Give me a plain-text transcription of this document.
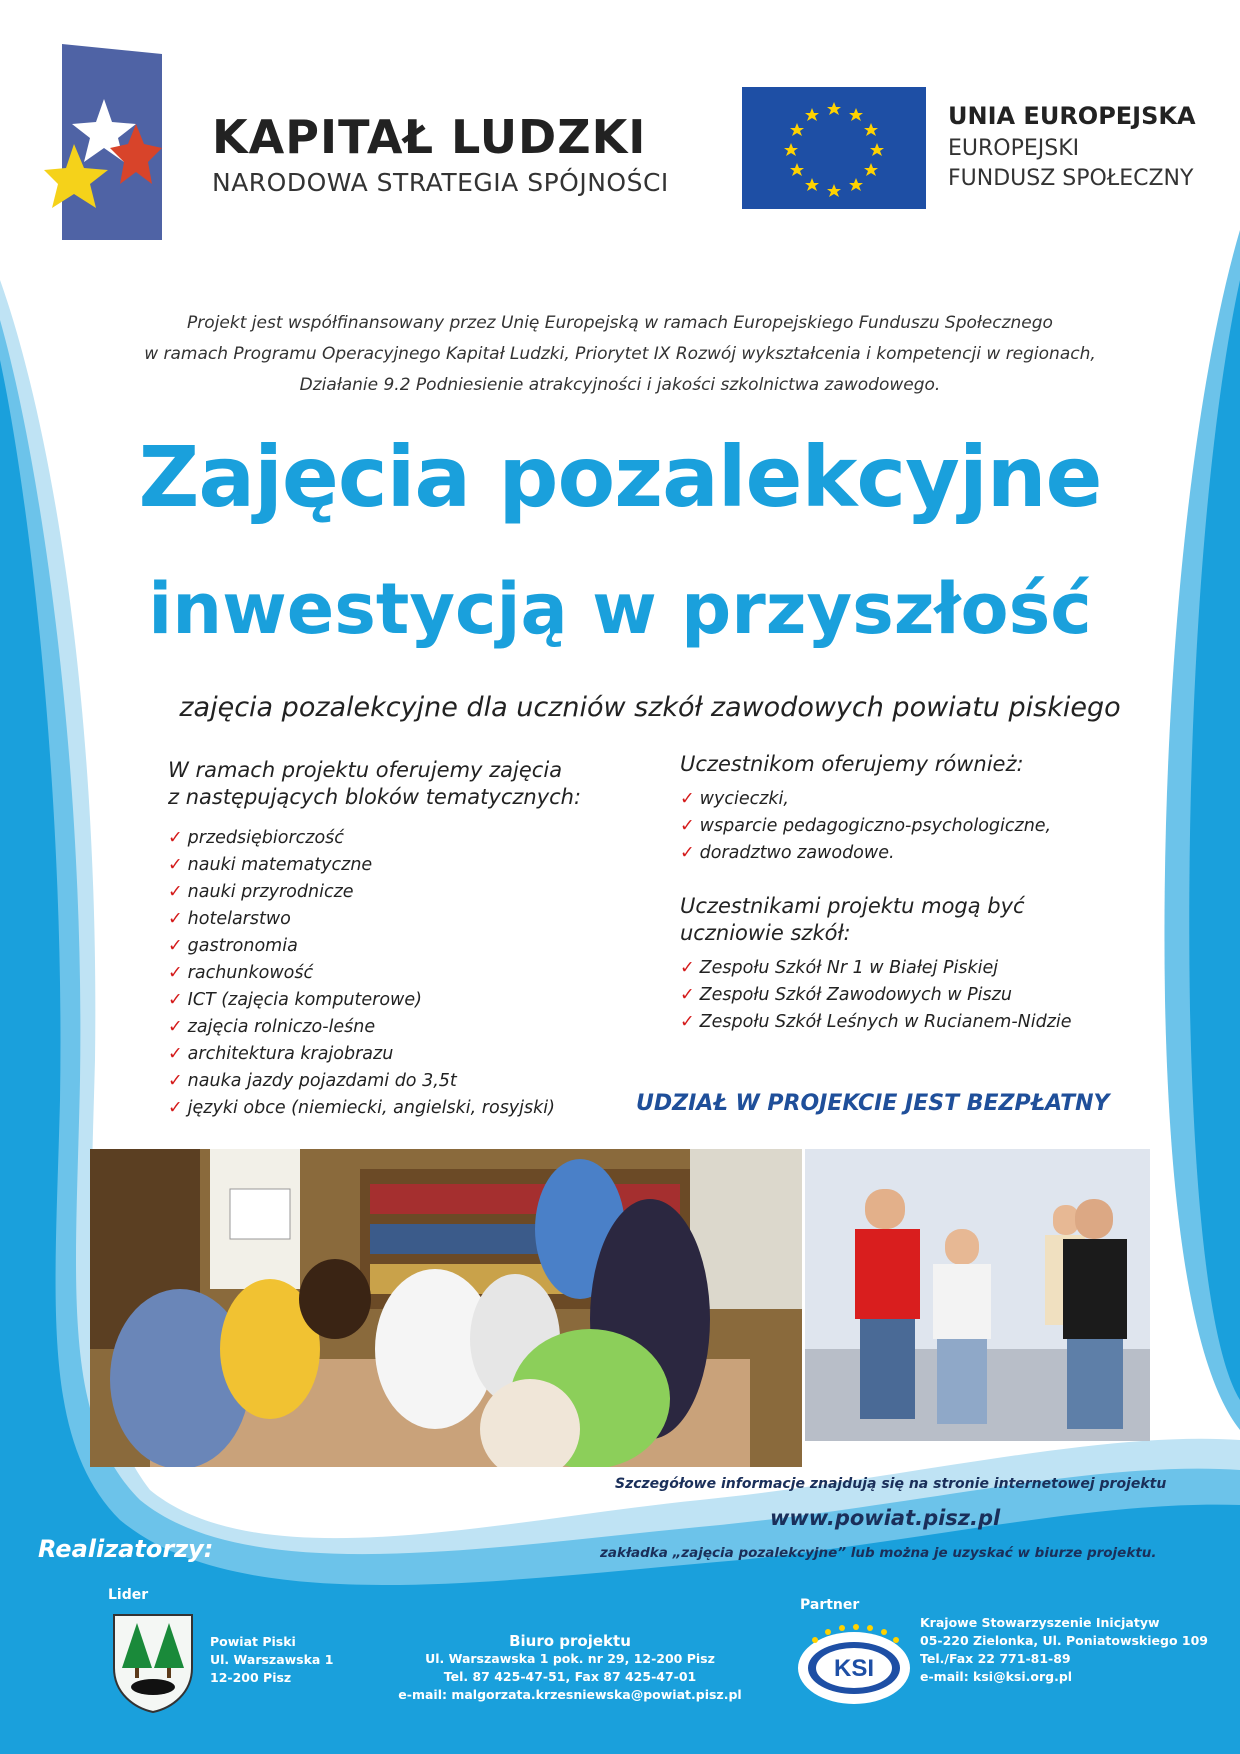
KAPITAŁ LUDZKI
NARODOWA STRATEGIA SPÓJNOŚCI
UNIA EUROPEJSKA
EUROPEJSKI
FUNDUSZ SPOŁECZNY
Projekt jest współfinansowany przez Unię Europejską w ramach Europejskiego Funduszu Społecznego
w ramach Programu Operacyjnego Kapitał Ludzki, Priorytet IX Rozwój wykształcenia i kompetencji w regionach,
Działanie 9.2 Podniesienie atrakcyjności i jakości szkolnictwa zawodowego.
Zajęcia pozalekcyjne
inwestycją w przyszłość
zajęcia pozalekcyjne dla uczniów szkół zawodowych powiatu piskiego
W ramach projektu oferujemy zajęcia
z następujących bloków tematycznych:
✓ przedsiębiorczość
✓ nauki matematyczne
✓ nauki przyrodnicze
✓ hotelarstwo
✓ gastronomia
✓ rachunkowość
✓ ICT (zajęcia komputerowe)
✓ zajęcia rolniczo-leśne
✓ architektura krajobrazu
✓ nauka jazdy pojazdami do 3,5t
✓ języki obce (niemiecki, angielski, rosyjski)
Uczestnikom oferujemy również:
✓ wycieczki,
✓ wsparcie pedagogiczno-psychologiczne,
✓ doradztwo zawodowe.
Uczestnikami projektu mogą być
uczniowie szkół:
✓ Zespołu Szkół Nr 1 w Białej Piskiej
✓ Zespołu Szkół Zawodowych w Piszu
✓ Zespołu Szkół Leśnych w Rucianem-Nidzie
UDZIAŁ W PROJEKCIE JEST BEZPŁATNY
Szczegółowe informacje znajdują się na stronie internetowej projektu
www.powiat.pisz.pl
zakładka „zajęcia pozalekcyjne” lub można je uzyskać w biurze projektu.
Realizatorzy:
Lider
Partner
Powiat Piski
Ul. Warszawska 1
12-200 Pisz
Biuro projektu
Ul. Warszawska 1 pok. nr 29, 12-200 Pisz
Tel. 87 425-47-51, Fax 87 425-47-01
e-mail: malgorzata.krzesniewska@powiat.pisz.pl
KSI
Krajowe Stowarzyszenie Inicjatyw
05-220 Zielonka, Ul. Poniatowskiego 109
Tel./Fax 22 771-81-89
e-mail: ksi@ksi.org.pl
